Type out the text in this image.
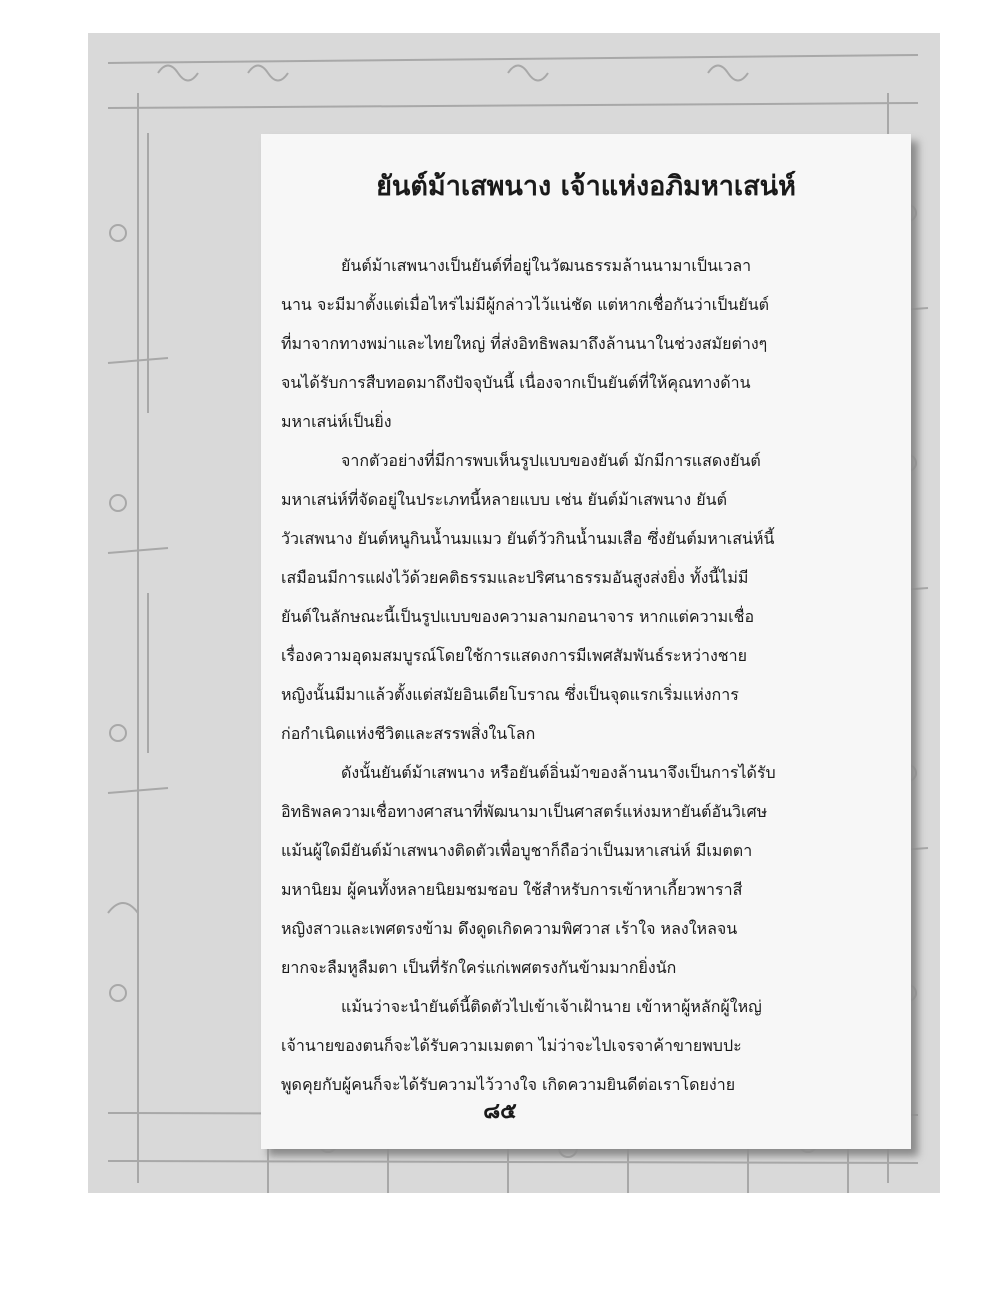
ยันต์ม้าเสพนาง เจ้าแห่งอภิมหาเสน่ห์
ยันต์ม้าเสพนางเป็นยันต์ที่อยู่ในวัฒนธรรมล้านนามาเป็นเวลา
นาน จะมีมาตั้งแต่เมื่อไหร่ไม่มีผู้กล่าวไว้แน่ชัด แต่หากเชื่อกันว่าเป็นยันต์
ที่มาจากทางพม่าและไทยใหญ่ ที่ส่งอิทธิพลมาถึงล้านนาในช่วงสมัยต่างๆ
จนได้รับการสืบทอดมาถึงปัจจุบันนี้ เนื่องจากเป็นยันต์ที่ให้คุณทางด้าน
มหาเสน่ห์เป็นยิ่ง
จากตัวอย่างที่มีการพบเห็นรูปแบบของยันต์ มักมีการแสดงยันต์
มหาเสน่ห์ที่จัดอยู่ในประเภทนี้หลายแบบ เช่น ยันต์ม้าเสพนาง ยันต์
วัวเสพนาง ยันต์หนูกินน้ำนมแมว ยันต์วัวกินน้ำนมเสือ ซึ่งยันต์มหาเสน่ห์นี้
เสมือนมีการแฝงไว้ด้วยคติธรรมและปริศนาธรรมอันสูงส่งยิ่ง ทั้งนี้ไม่มี
ยันต์ในลักษณะนี้เป็นรูปแบบของความลามกอนาจาร หากแต่ความเชื่อ
เรื่องความอุดมสมบูรณ์โดยใช้การแสดงการมีเพศสัมพันธ์ระหว่างชาย
หญิงนั้นมีมาแล้วตั้งแต่สมัยอินเดียโบราณ ซึ่งเป็นจุดแรกเริ่มแห่งการ
ก่อกำเนิดแห่งชีวิตและสรรพสิ่งในโลก
ดังนั้นยันต์ม้าเสพนาง หรือยันต์อิ่นม้าของล้านนาจึงเป็นการได้รับ
อิทธิพลความเชื่อทางศาสนาที่พัฒนามาเป็นศาสตร์แห่งมหายันต์อันวิเศษ
แม้นผู้ใดมียันต์ม้าเสพนางติดตัวเพื่อบูชาก็ถือว่าเป็นมหาเสน่ห์ มีเมตตา
มหานิยม ผู้คนทั้งหลายนิยมชมชอบ ใช้สำหรับการเข้าหาเกี้ยวพาราสี
หญิงสาวและเพศตรงข้าม ดึงดูดเกิดความพิศวาส เร้าใจ หลงใหลจน
ยากจะลืมหูลืมตา เป็นที่รักใคร่แก่เพศตรงกันข้ามมากยิ่งนัก
แม้นว่าจะนำยันต์นี้ติดตัวไปเข้าเจ้าเฝ้านาย เข้าหาผู้หลักผู้ใหญ่
เจ้านายของตนก็จะได้รับความเมตตา ไม่ว่าจะไปเจรจาค้าขายพบปะ
พูดคุยกับผู้คนก็จะได้รับความไว้วางใจ เกิดความยินดีต่อเราโดยง่าย
๘๕
